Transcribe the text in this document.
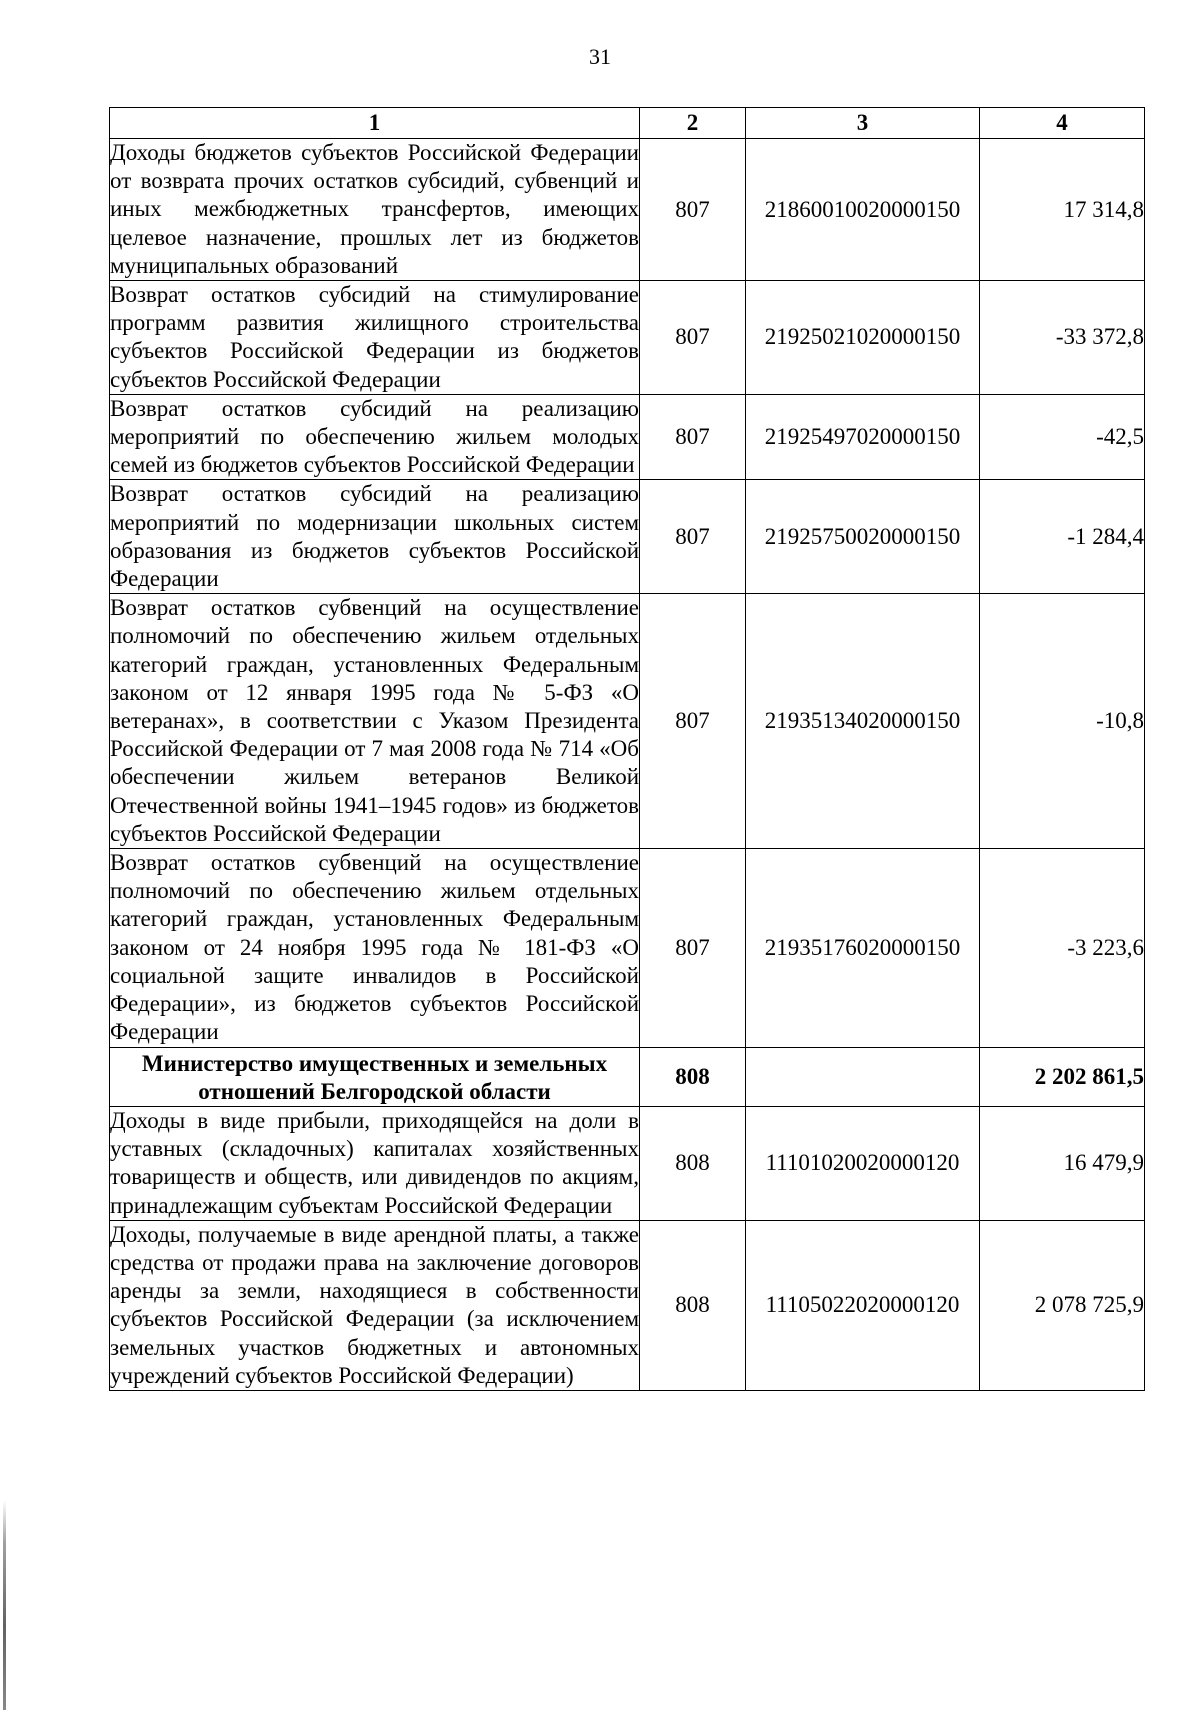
31
1	2	3	4
Доходы бюджетов субъектов Российской Федерации от возврата прочих остатков субсидий, субвенций и иных межбюджетных трансфертов, имеющих целевое назначение, прошлых лет из бюджетов муниципальных образований	807	21860010020000150	17 314,8
Возврат остатков субсидий на стимулирование программ развития жилищного строительства субъектов Российской Федерации из бюджетов субъектов Российской Федерации	807	21925021020000150	-33 372,8
Возврат остатков субсидий на реализацию мероприятий по обеспечению жильем молодых семей из бюджетов субъектов Российской Федерации	807	21925497020000150	-42,5
Возврат остатков субсидий на реализацию мероприятий по модернизации школьных систем образования из бюджетов субъектов Российской Федерации	807	21925750020000150	-1 284,4
Возврат остатков субвенций на осуществление полномочий по обеспечению жильем отдельных категорий граждан, установленных Федеральным законом от 12 января 1995 года № 5-ФЗ «О ветеранах», в соответствии с Указом Президента Российской Федерации от 7 мая 2008 года № 714 «Об обеспечении жильем ветеранов Великой Отечественной войны 1941–1945 годов» из бюджетов субъектов Российской Федерации	807	21935134020000150	-10,8
Возврат остатков субвенций на осуществление полномочий по обеспечению жильем отдельных категорий граждан, установленных Федеральным законом от 24 ноября 1995 года № 181-ФЗ «О социальной защите инвалидов в Российской Федерации», из бюджетов субъектов Российской Федерации	807	21935176020000150	-3 223,6
Министерство имущественных и земельных отношений Белгородской области	808		2 202 861,5
Доходы в виде прибыли, приходящейся на доли в уставных (складочных) капиталах хозяйственных товариществ и обществ, или дивидендов по акциям, принадлежащим субъектам Российской Федерации	808	11101020020000120	16 479,9
Доходы, получаемые в виде арендной платы, а также средства от продажи права на заключение договоров аренды за земли, находящиеся в собственности субъектов Российской Федерации (за исключением земельных участков бюджетных и автономных учреждений субъектов Российской Федерации)	808	11105022020000120	2 078 725,9
